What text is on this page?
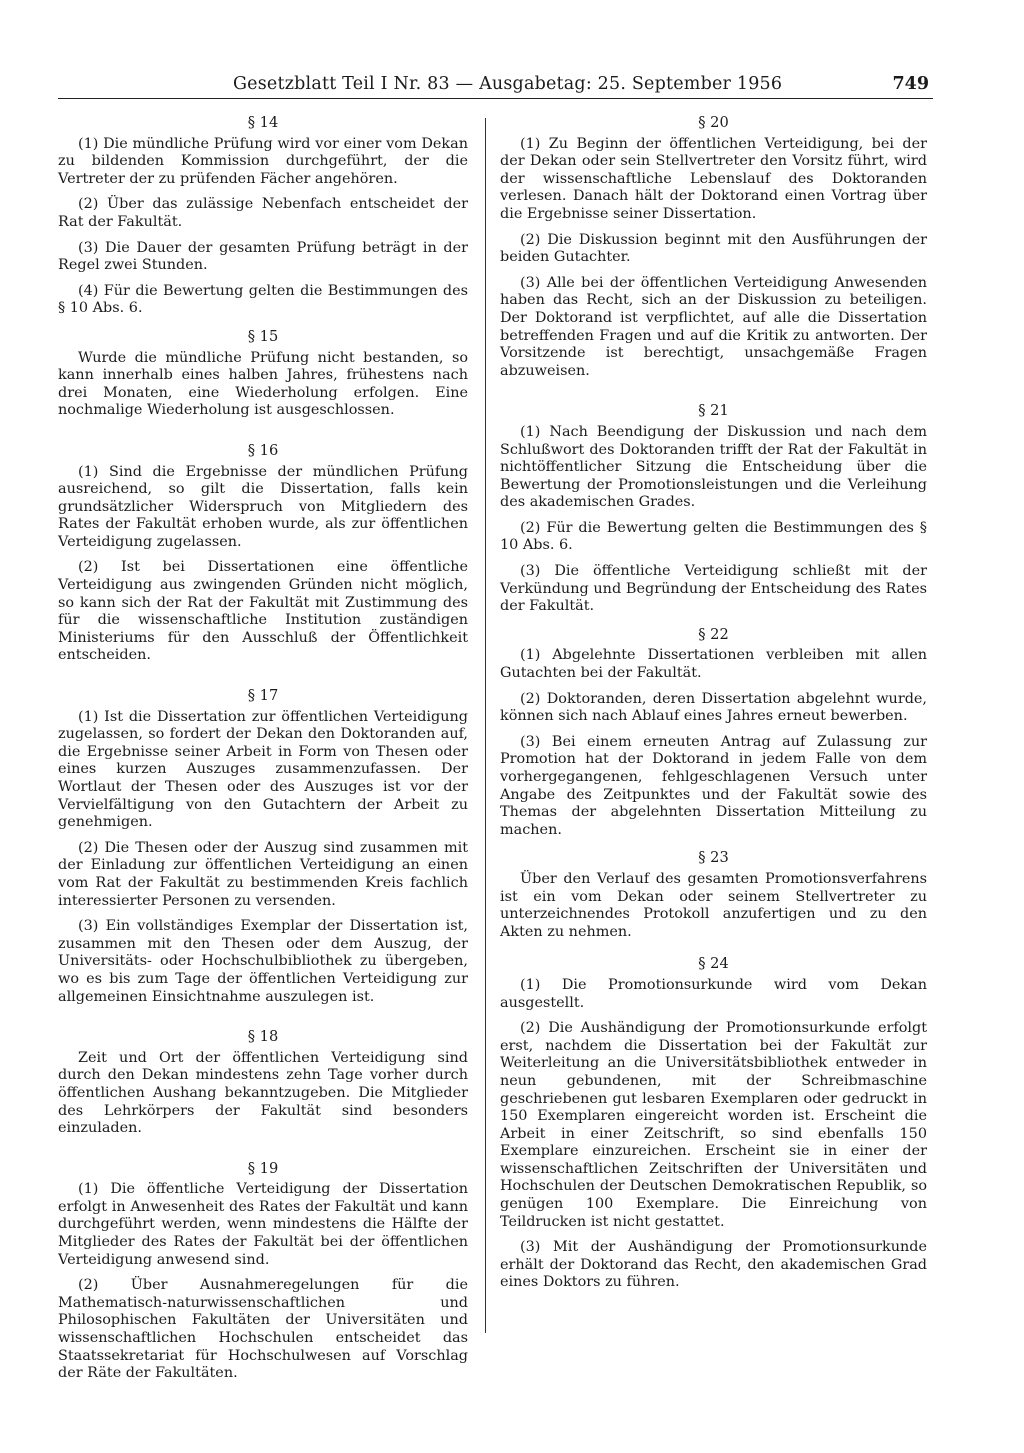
Gesetzblatt Teil I Nr. 83 — Ausgabetag: 25. September 1956	749
§ 14

(1) Die mündliche Prüfung wird vor einer vom Dekan zu bildenden Kommission durchgeführt, der die Vertreter der zu prüfenden Fächer angehören.

(2) Über das zulässige Nebenfach entscheidet der Rat der Fakultät.

(3) Die Dauer der gesamten Prüfung beträgt in der Regel zwei Stunden.

(4) Für die Bewertung gelten die Bestimmungen des § 10 Abs. 6.

§ 15

Wurde die mündliche Prüfung nicht bestanden, so kann innerhalb eines halben Jahres, frühestens nach drei Monaten, eine Wiederholung erfolgen. Eine nochmalige Wiederholung ist ausgeschlossen.

§ 16

(1) Sind die Ergebnisse der mündlichen Prüfung ausreichend, so gilt die Dissertation, falls kein grundsätzlicher Widerspruch von Mitgliedern des Rates der Fakultät erhoben wurde, als zur öffentlichen Verteidigung zugelassen.

(2) Ist bei Dissertationen eine öffentliche Verteidigung aus zwingenden Gründen nicht möglich, so kann sich der Rat der Fakultät mit Zustimmung des für die wissenschaftliche Institution zuständigen Ministeriums für den Ausschluß der Öffentlichkeit entscheiden.

§ 17

(1) Ist die Dissertation zur öffentlichen Verteidigung zugelassen, so fordert der Dekan den Doktoranden auf, die Ergebnisse seiner Arbeit in Form von Thesen oder eines kurzen Auszuges zusammenzufassen. Der Wortlaut der Thesen oder des Auszuges ist vor der Vervielfältigung von den Gutachtern der Arbeit zu genehmigen.

(2) Die Thesen oder der Auszug sind zusammen mit der Einladung zur öffentlichen Verteidigung an einen vom Rat der Fakultät zu bestimmenden Kreis fachlich interessierter Personen zu versenden.

(3) Ein vollständiges Exemplar der Dissertation ist, zusammen mit den Thesen oder dem Auszug, der Universitäts- oder Hochschulbibliothek zu übergeben, wo es bis zum Tage der öffentlichen Verteidigung zur allgemeinen Einsichtnahme auszulegen ist.

§ 18

Zeit und Ort der öffentlichen Verteidigung sind durch den Dekan mindestens zehn Tage vorher durch öffentlichen Aushang bekanntzugeben. Die Mitglieder des Lehrkörpers der Fakultät sind besonders einzuladen.

§ 19

(1) Die öffentliche Verteidigung der Dissertation erfolgt in Anwesenheit des Rates der Fakultät und kann durchgeführt werden, wenn mindestens die Hälfte der Mitglieder des Rates der Fakultät bei der öffentlichen Verteidigung anwesend sind.

(2) Über Ausnahmeregelungen für die Mathematisch-naturwissenschaftlichen und Philosophischen Fakultäten der Universitäten und wissenschaftlichen Hochschulen entscheidet das Staatssekretariat für Hochschulwesen auf Vorschlag der Räte der Fakultäten.

§ 20

(1) Zu Beginn der öffentlichen Verteidigung, bei der der Dekan oder sein Stellvertreter den Vorsitz führt, wird der wissenschaftliche Lebenslauf des Doktoranden verlesen. Danach hält der Doktorand einen Vortrag über die Ergebnisse seiner Dissertation.

(2) Die Diskussion beginnt mit den Ausführungen der beiden Gutachter.

(3) Alle bei der öffentlichen Verteidigung Anwesenden haben das Recht, sich an der Diskussion zu beteiligen. Der Doktorand ist verpflichtet, auf alle die Dissertation betreffenden Fragen und auf die Kritik zu antworten. Der Vorsitzende ist berechtigt, unsachgemäße Fragen abzuweisen.

§ 21

(1) Nach Beendigung der Diskussion und nach dem Schlußwort des Doktoranden trifft der Rat der Fakultät in nichtöffentlicher Sitzung die Entscheidung über die Bewertung der Promotionsleistungen und die Verleihung des akademischen Grades.

(2) Für die Bewertung gelten die Bestimmungen des § 10 Abs. 6.

(3) Die öffentliche Verteidigung schließt mit der Verkündung und Begründung der Entscheidung des Rates der Fakultät.

§ 22

(1) Abgelehnte Dissertationen verbleiben mit allen Gutachten bei der Fakultät.

(2) Doktoranden, deren Dissertation abgelehnt wurde, können sich nach Ablauf eines Jahres erneut bewerben.

(3) Bei einem erneuten Antrag auf Zulassung zur Promotion hat der Doktorand in jedem Falle von dem vorhergegangenen, fehlgeschlagenen Versuch unter Angabe des Zeitpunktes und der Fakultät sowie des Themas der abgelehnten Dissertation Mitteilung zu machen.

§ 23

Über den Verlauf des gesamten Promotionsverfahrens ist ein vom Dekan oder seinem Stellvertreter zu unterzeichnendes Protokoll anzufertigen und zu den Akten zu nehmen.

§ 24

(1) Die Promotionsurkunde wird vom Dekan ausgestellt.

(2) Die Aushändigung der Promotionsurkunde erfolgt erst, nachdem die Dissertation bei der Fakultät zur Weiterleitung an die Universitätsbibliothek entweder in neun gebundenen, mit der Schreibmaschine geschriebenen gut lesbaren Exemplaren oder gedruckt in 150 Exemplaren eingereicht worden ist. Erscheint die Arbeit in einer Zeitschrift, so sind ebenfalls 150 Exemplare einzureichen. Erscheint sie in einer der wissenschaftlichen Zeitschriften der Universitäten und Hochschulen der Deutschen Demokratischen Republik, so genügen 100 Exemplare. Die Einreichung von Teildrucken ist nicht gestattet.

(3) Mit der Aushändigung der Promotionsurkunde erhält der Doktorand das Recht, den akademischen Grad eines Doktors zu führen.
